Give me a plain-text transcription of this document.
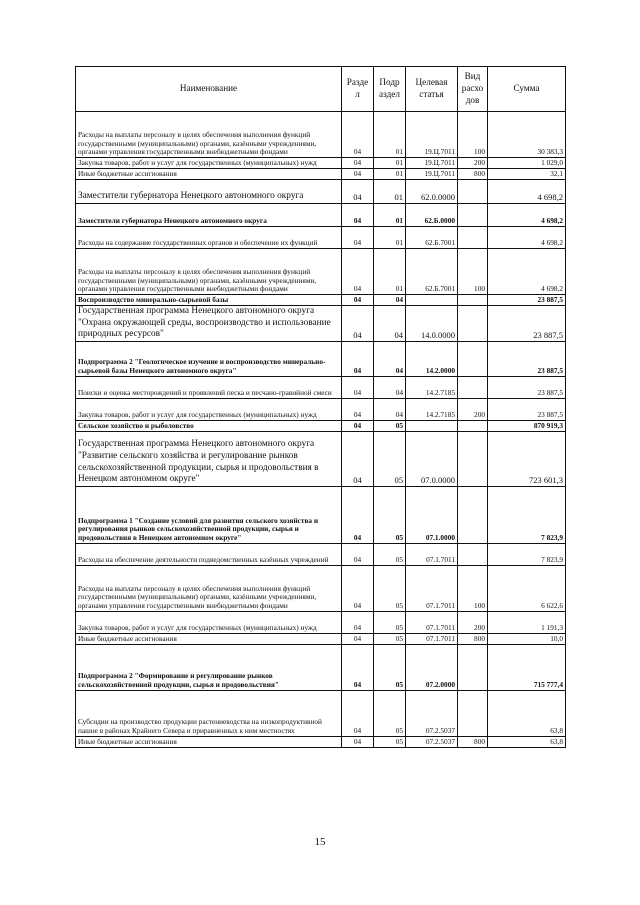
Наименование	Разде л	Подр аздел	Целевая статья	Вид расхо дов	Сумма
Расходы на выплаты персоналу в целях обеспечения выполнения функций государственными (муниципальными) органами, казёнными учреждениями, органами управления государственными внебюджетными фондами	04	01	19.Ц.7011	100	30 383,3
Закупка товаров, работ и услуг для государственных (муниципальных) нужд	04	01	19.Ц.7011	200	1 029,0
Иные бюджетные ассигнования	04	01	19.Ц.7011	800	32,1
Заместители губернатора Ненецкого автономного округа	04	01	62.0.0000		4 698,2
Заместители губернатора Ненецкого автономного округа	04	01	62.Б.0000		4 698,2
Расходы на содержание государственных органов и обеспечение их функций	04	01	62.Б.7001		4 698,2
Расходы на выплаты персоналу в целях обеспечения выполнения функций государственными (муниципальными) органами, казёнными учреждениями, органами управления государственными внебюджетными фондами	04	01	62.Б.7001	100	4 698,2
Воспроизводство минерально-сырьевой базы	04	04			23 887,5
Государственная программа Ненецкого автономного округа "Охрана окружающей среды, воспроизводство и использование природных ресурсов"	04	04	14.0.0000		23 887,5
Подпрограмма 2 "Геологическое изучение и воспроизводство минерально-сырьевой базы Ненецкого автономного округа"	04	04	14.2.0000		23 887,5
Поиски и оценка месторождений и проявлений песка и песчано-гравийной смеси	04	04	14.2.7185		23 887,5
Закупка товаров, работ и услуг для государственных (муниципальных) нужд	04	04	14.2.7185	200	23 887,5
Сельское хозяйство и рыболовство	04	05			870 919,3
Государственная программа Ненецкого автономного округа "Развитие сельского хозяйства и регулирование рынков сельскохозяйственной продукции, сырья и продовольствия в Ненецком автономном округе"	04	05	07.0.0000		723 601,3
Подпрограмма 1 "Создание условий для развития сельского хозяйства и регулирования рынков сельскохозяйственной продукции, сырья и продовольствия в Ненецком автономном округе"	04	05	07.1.0000		7 823,9
Расходы на обеспечение деятельности подведомственных казённых учреждений	04	05	07.1.7011		7 823,9
Расходы на выплаты персоналу в целях обеспечения выполнения функций государственными (муниципальными) органами, казёнными учреждениями, органами управления государственными внебюджетными фондами	04	05	07.1.7011	100	6 622,6
Закупка товаров, работ и услуг для государственных (муниципальных) нужд	04	05	07.1.7011	200	1 191,3
Иные бюджетные ассигнования	04	05	07.1.7011	800	10,0
Подпрограмма 2 "Формирование и регулирование рынков сельскохозяйственной продукции, сырья и продовольствия"	04	05	07.2.0000		715 777,4
Субсидии на производство продукции растениеводства на низкопродуктивной пашне в районах Крайнего Севера и приравненных к ним местностях	04	05	07.2.5037		63,8
Иные бюджетные ассигнования	04	05	07.2.5037	800	63,8
15
